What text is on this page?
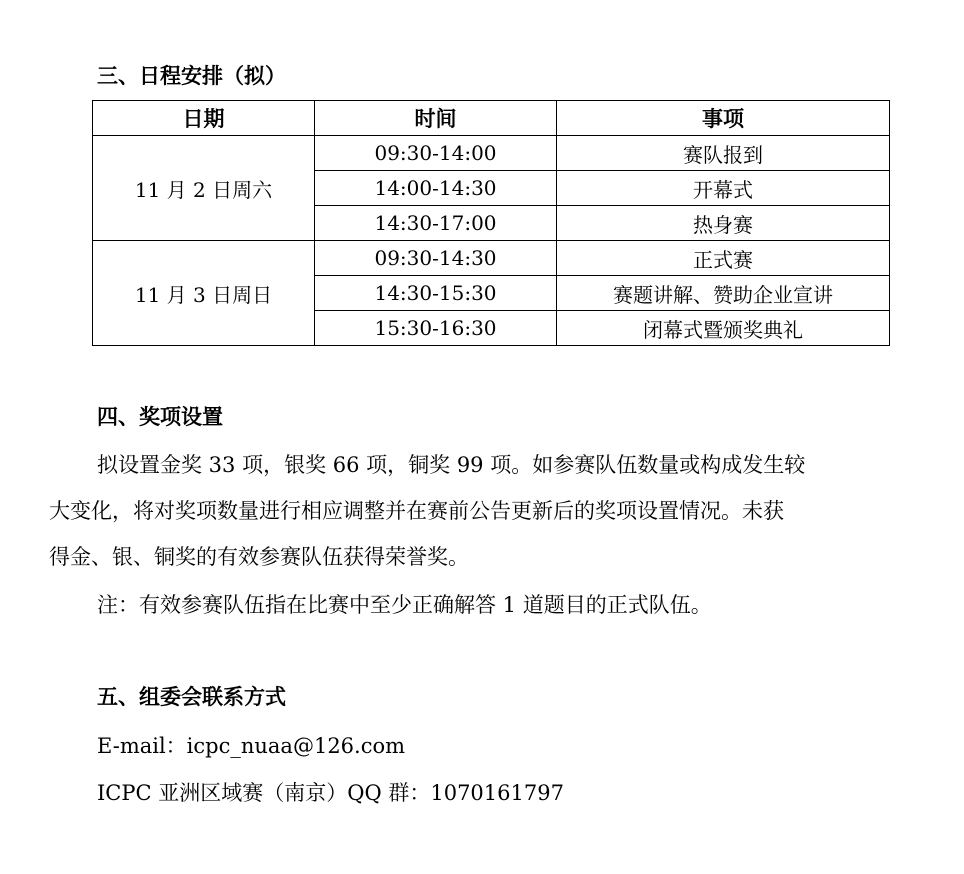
三、日程安排（拟）
日期	时间	事项
11 月 2 日周六	09:30-14:00	赛队报到
	14:00-14:30	开幕式
	14:30-17:00	热身赛
11 月 3 日周日	09:30-14:30	正式赛
	14:30-15:30	赛题讲解、赞助企业宣讲
	15:30-16:30	闭幕式暨颁奖典礼
四、奖项设置
拟设置金奖 33 项，银奖 66 项，铜奖 99 项。如参赛队伍数量或构成发生较
大变化，将对奖项数量进行相应调整并在赛前公告更新后的奖项设置情况。未获
得金、银、铜奖的有效参赛队伍获得荣誉奖。
注：有效参赛队伍指在比赛中至少正确解答 1 道题目的正式队伍。
五、组委会联系方式
E-mail：icpc_nuaa@126.com
ICPC 亚洲区域赛（南京）QQ 群：1070161797
